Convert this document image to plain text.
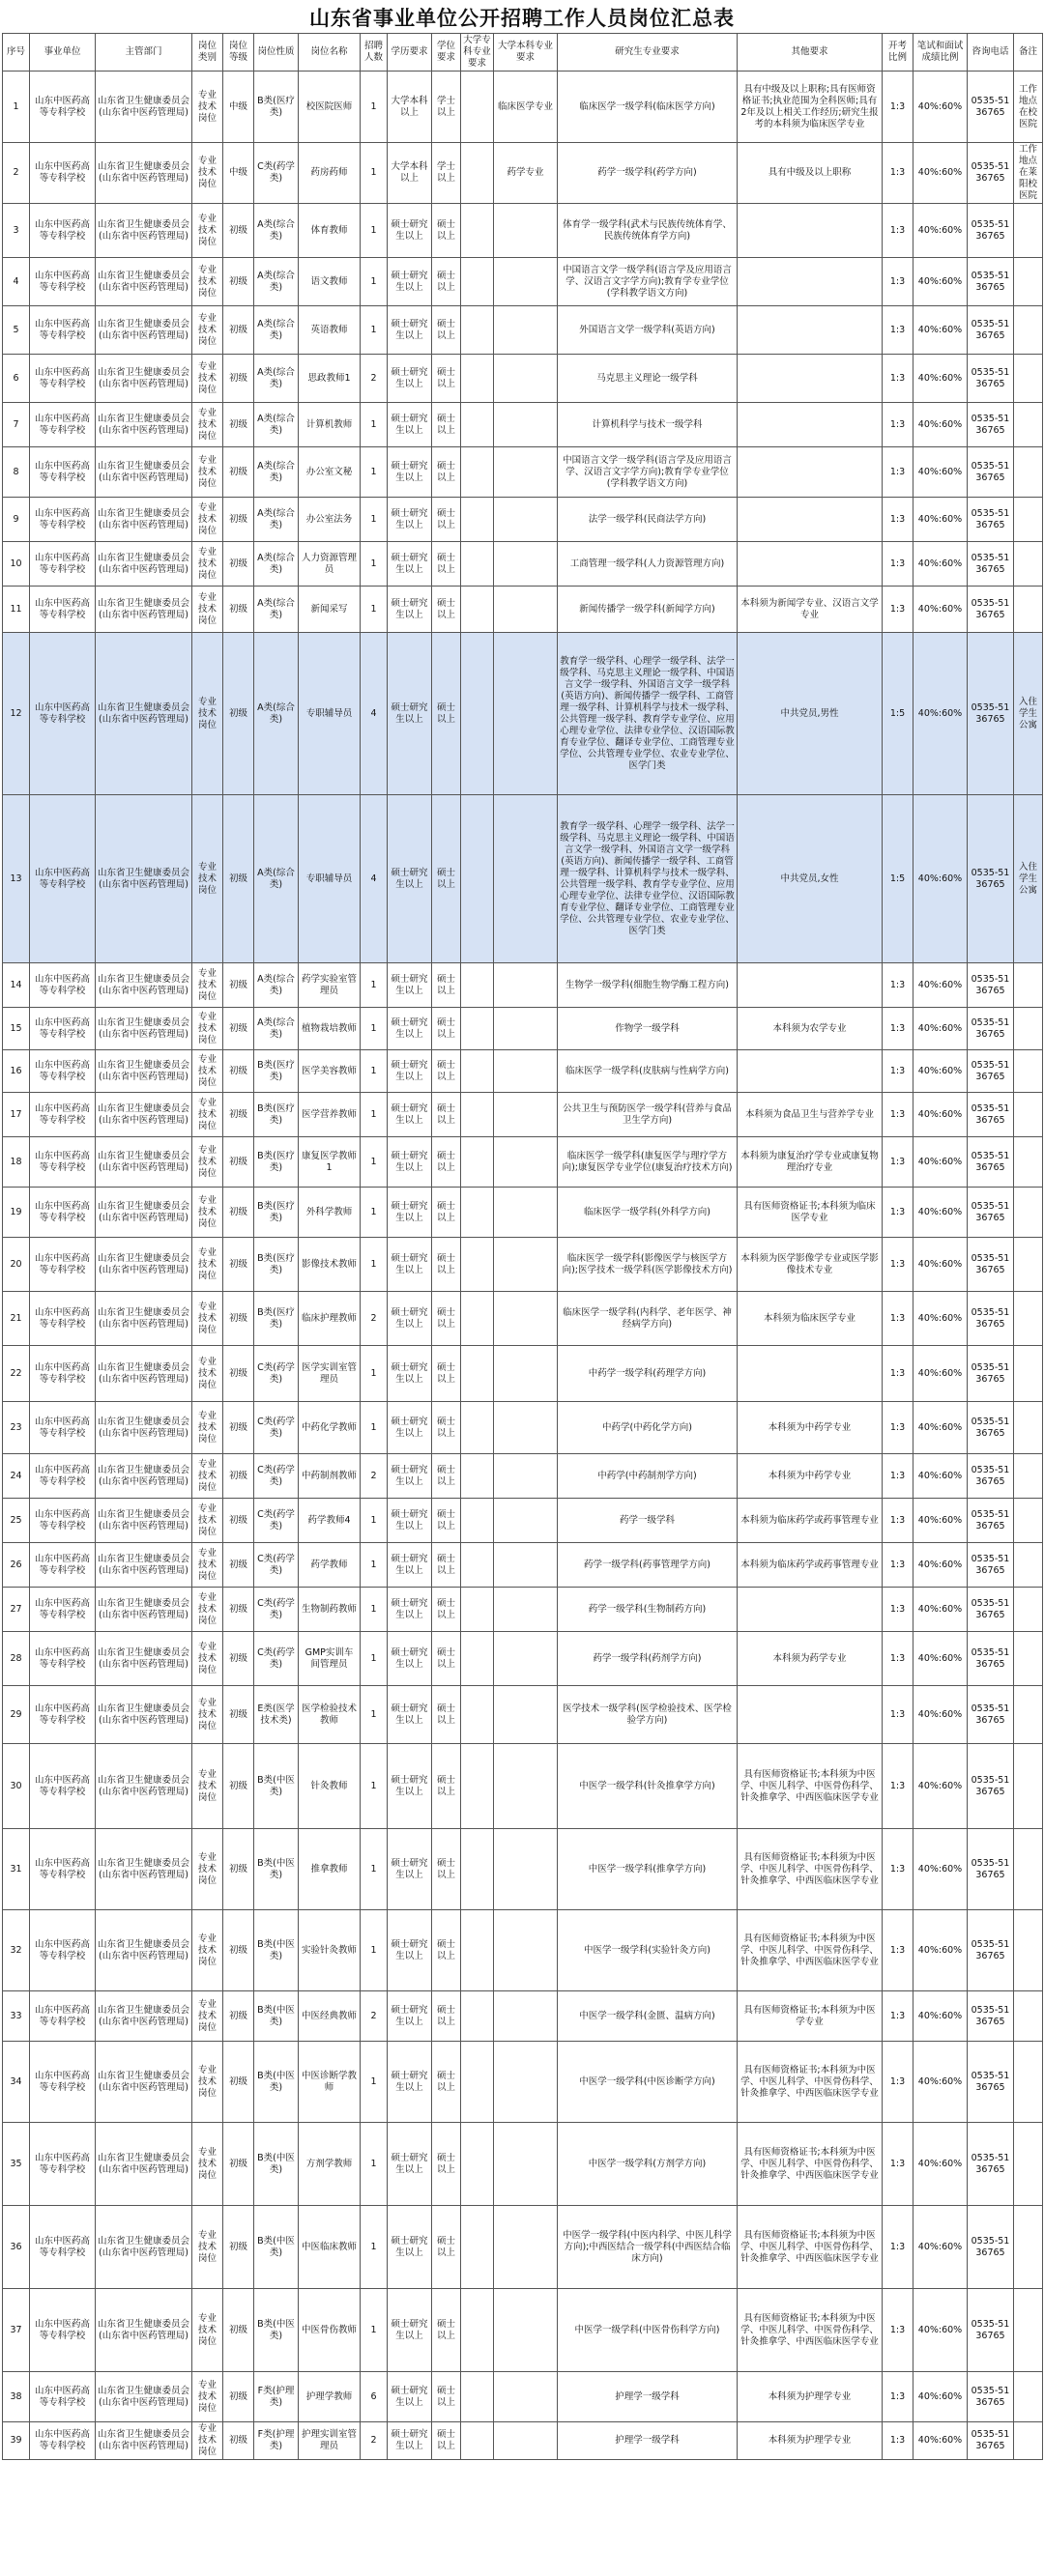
山东省事业单位公开招聘工作人员岗位汇总表
序号	事业单位	主管部门	岗位类别	岗位等级	岗位性质	岗位名称	招聘人数	学历要求	学位要求	大学专科专业要求	大学本科专业要求	研究生专业要求	其他要求	开考比例	笔试和面试成绩比例	咨询电话	备注
1	山东中医药高等专科学校	山东省卫生健康委员会(山东省中医药管理局)	专业技术岗位	中级	B类(医疗类)	校医院医师	1	大学本科以上	学士以上		临床医学专业	临床医学一级学科(临床医学方向)	具有中级及以上职称;具有医师资格证书;执业范围为全科医师;具有2年及以上相关工作经历;研究生报考的本科须为临床医学专业	1:3	40%:60%	0535-5136765	工作地点在校医院
2	山东中医药高等专科学校	山东省卫生健康委员会(山东省中医药管理局)	专业技术岗位	中级	C类(药学类)	药房药师	1	大学本科以上	学士以上		药学专业	药学一级学科(药学方向)	具有中级及以上职称	1:3	40%:60%	0535-5136765	工作地点在莱阳校医院
3	山东中医药高等专科学校	山东省卫生健康委员会(山东省中医药管理局)	专业技术岗位	初级	A类(综合类)	体育教师	1	硕士研究生以上	硕士以上			体育学一级学科(武术与民族传统体育学、民族传统体育学方向)		1:3	40%:60%	0535-5136765	
4	山东中医药高等专科学校	山东省卫生健康委员会(山东省中医药管理局)	专业技术岗位	初级	A类(综合类)	语文教师	1	硕士研究生以上	硕士以上			中国语言文学一级学科(语言学及应用语言学、汉语言文字学方向);教育学专业学位(学科教学语文方向)		1:3	40%:60%	0535-5136765	
5	山东中医药高等专科学校	山东省卫生健康委员会(山东省中医药管理局)	专业技术岗位	初级	A类(综合类)	英语教师	1	硕士研究生以上	硕士以上			外国语言文学一级学科(英语方向)		1:3	40%:60%	0535-5136765	
6	山东中医药高等专科学校	山东省卫生健康委员会(山东省中医药管理局)	专业技术岗位	初级	A类(综合类)	思政教师1	2	硕士研究生以上	硕士以上			马克思主义理论一级学科		1:3	40%:60%	0535-5136765	
7	山东中医药高等专科学校	山东省卫生健康委员会(山东省中医药管理局)	专业技术岗位	初级	A类(综合类)	计算机教师	1	硕士研究生以上	硕士以上			计算机科学与技术一级学科		1:3	40%:60%	0535-5136765	
8	山东中医药高等专科学校	山东省卫生健康委员会(山东省中医药管理局)	专业技术岗位	初级	A类(综合类)	办公室文秘	1	硕士研究生以上	硕士以上			中国语言文学一级学科(语言学及应用语言学、汉语言文字学方向);教育学专业学位(学科教学语文方向)		1:3	40%:60%	0535-5136765	
9	山东中医药高等专科学校	山东省卫生健康委员会(山东省中医药管理局)	专业技术岗位	初级	A类(综合类)	办公室法务	1	硕士研究生以上	硕士以上			法学一级学科(民商法学方向)		1:3	40%:60%	0535-5136765	
10	山东中医药高等专科学校	山东省卫生健康委员会(山东省中医药管理局)	专业技术岗位	初级	A类(综合类)	人力资源管理员	1	硕士研究生以上	硕士以上			工商管理一级学科(人力资源管理方向)		1:3	40%:60%	0535-5136765	
11	山东中医药高等专科学校	山东省卫生健康委员会(山东省中医药管理局)	专业技术岗位	初级	A类(综合类)	新闻采写	1	硕士研究生以上	硕士以上			新闻传播学一级学科(新闻学方向)	本科须为新闻学专业、汉语言文学专业	1:3	40%:60%	0535-5136765	
12	山东中医药高等专科学校	山东省卫生健康委员会(山东省中医药管理局)	专业技术岗位	初级	A类(综合类)	专职辅导员	4	硕士研究生以上	硕士以上			教育学一级学科、心理学一级学科、法学一级学科、马克思主义理论一级学科、中国语言文学一级学科、外国语言文学一级学科(英语方向)、新闻传播学一级学科、工商管理一级学科、计算机科学与技术一级学科、公共管理一级学科、教育学专业学位、应用心理专业学位、法律专业学位、汉语国际教育专业学位、翻译专业学位、工商管理专业学位、公共管理专业学位、农业专业学位、医学门类	中共党员,男性	1:5	40%:60%	0535-5136765	入住学生公寓
13	山东中医药高等专科学校	山东省卫生健康委员会(山东省中医药管理局)	专业技术岗位	初级	A类(综合类)	专职辅导员	4	硕士研究生以上	硕士以上			教育学一级学科、心理学一级学科、法学一级学科、马克思主义理论一级学科、中国语言文学一级学科、外国语言文学一级学科(英语方向)、新闻传播学一级学科、工商管理一级学科、计算机科学与技术一级学科、公共管理一级学科、教育学专业学位、应用心理专业学位、法律专业学位、汉语国际教育专业学位、翻译专业学位、工商管理专业学位、公共管理专业学位、农业专业学位、医学门类	中共党员,女性	1:5	40%:60%	0535-5136765	入住学生公寓
14	山东中医药高等专科学校	山东省卫生健康委员会(山东省中医药管理局)	专业技术岗位	初级	A类(综合类)	药学实验室管理员	1	硕士研究生以上	硕士以上			生物学一级学科(细胞生物学酶工程方向)		1:3	40%:60%	0535-5136765	
15	山东中医药高等专科学校	山东省卫生健康委员会(山东省中医药管理局)	专业技术岗位	初级	A类(综合类)	植物栽培教师	1	硕士研究生以上	硕士以上			作物学一级学科	本科须为农学专业	1:3	40%:60%	0535-5136765	
16	山东中医药高等专科学校	山东省卫生健康委员会(山东省中医药管理局)	专业技术岗位	初级	B类(医疗类)	医学美容教师	1	硕士研究生以上	硕士以上			临床医学一级学科(皮肤病与性病学方向)		1:3	40%:60%	0535-5136765	
17	山东中医药高等专科学校	山东省卫生健康委员会(山东省中医药管理局)	专业技术岗位	初级	B类(医疗类)	医学营养教师	1	硕士研究生以上	硕士以上			公共卫生与预防医学一级学科(营养与食品卫生学方向)	本科须为食品卫生与营养学专业	1:3	40%:60%	0535-5136765	
18	山东中医药高等专科学校	山东省卫生健康委员会(山东省中医药管理局)	专业技术岗位	初级	B类(医疗类)	康复医学教师1	1	硕士研究生以上	硕士以上			临床医学一级学科(康复医学与理疗学方向);康复医学专业学位(康复治疗技术方向)	本科须为康复治疗学专业或康复物理治疗专业	1:3	40%:60%	0535-5136765	
19	山东中医药高等专科学校	山东省卫生健康委员会(山东省中医药管理局)	专业技术岗位	初级	B类(医疗类)	外科学教师	1	硕士研究生以上	硕士以上			临床医学一级学科(外科学方向)	具有医师资格证书;本科须为临床医学专业	1:3	40%:60%	0535-5136765	
20	山东中医药高等专科学校	山东省卫生健康委员会(山东省中医药管理局)	专业技术岗位	初级	B类(医疗类)	影像技术教师	1	硕士研究生以上	硕士以上			临床医学一级学科(影像医学与核医学方向);医学技术一级学科(医学影像技术方向)	本科须为医学影像学专业或医学影像技术专业	1:3	40%:60%	0535-5136765	
21	山东中医药高等专科学校	山东省卫生健康委员会(山东省中医药管理局)	专业技术岗位	初级	B类(医疗类)	临床护理教师	2	硕士研究生以上	硕士以上			临床医学一级学科(内科学、老年医学、神经病学方向)	本科须为临床医学专业	1:3	40%:60%	0535-5136765	
22	山东中医药高等专科学校	山东省卫生健康委员会(山东省中医药管理局)	专业技术岗位	初级	C类(药学类)	医学实训室管理员	1	硕士研究生以上	硕士以上			中药学一级学科(药理学方向)		1:3	40%:60%	0535-5136765	
23	山东中医药高等专科学校	山东省卫生健康委员会(山东省中医药管理局)	专业技术岗位	初级	C类(药学类)	中药化学教师	1	硕士研究生以上	硕士以上			中药学(中药化学方向)	本科须为中药学专业	1:3	40%:60%	0535-5136765	
24	山东中医药高等专科学校	山东省卫生健康委员会(山东省中医药管理局)	专业技术岗位	初级	C类(药学类)	中药制剂教师	2	硕士研究生以上	硕士以上			中药学(中药制剂学方向)	本科须为中药学专业	1:3	40%:60%	0535-5136765	
25	山东中医药高等专科学校	山东省卫生健康委员会(山东省中医药管理局)	专业技术岗位	初级	C类(药学类)	药学教师4	1	硕士研究生以上	硕士以上			药学一级学科	本科须为临床药学或药事管理专业	1:3	40%:60%	0535-5136765	
26	山东中医药高等专科学校	山东省卫生健康委员会(山东省中医药管理局)	专业技术岗位	初级	C类(药学类)	药学教师	1	硕士研究生以上	硕士以上			药学一级学科(药事管理学方向)	本科须为临床药学或药事管理专业	1:3	40%:60%	0535-5136765	
27	山东中医药高等专科学校	山东省卫生健康委员会(山东省中医药管理局)	专业技术岗位	初级	C类(药学类)	生物制药教师	1	硕士研究生以上	硕士以上			药学一级学科(生物制药方向)		1:3	40%:60%	0535-5136765	
28	山东中医药高等专科学校	山东省卫生健康委员会(山东省中医药管理局)	专业技术岗位	初级	C类(药学类)	GMP实训车间管理员	1	硕士研究生以上	硕士以上			药学一级学科(药剂学方向)	本科须为药学专业	1:3	40%:60%	0535-5136765	
29	山东中医药高等专科学校	山东省卫生健康委员会(山东省中医药管理局)	专业技术岗位	初级	E类(医学技术类)	医学检验技术教师	1	硕士研究生以上	硕士以上			医学技术一级学科(医学检验技术、医学检验学方向)		1:3	40%:60%	0535-5136765	
30	山东中医药高等专科学校	山东省卫生健康委员会(山东省中医药管理局)	专业技术岗位	初级	B类(中医类)	针灸教师	1	硕士研究生以上	硕士以上			中医学一级学科(针灸推拿学方向)	具有医师资格证书;本科须为中医学、中医儿科学、中医骨伤科学、针灸推拿学、中西医临床医学专业	1:3	40%:60%	0535-5136765	
31	山东中医药高等专科学校	山东省卫生健康委员会(山东省中医药管理局)	专业技术岗位	初级	B类(中医类)	推拿教师	1	硕士研究生以上	硕士以上			中医学一级学科(推拿学方向)	具有医师资格证书;本科须为中医学、中医儿科学、中医骨伤科学、针灸推拿学、中西医临床医学专业	1:3	40%:60%	0535-5136765	
32	山东中医药高等专科学校	山东省卫生健康委员会(山东省中医药管理局)	专业技术岗位	初级	B类(中医类)	实验针灸教师	1	硕士研究生以上	硕士以上			中医学一级学科(实验针灸方向)	具有医师资格证书;本科须为中医学、中医儿科学、中医骨伤科学、针灸推拿学、中西医临床医学专业	1:3	40%:60%	0535-5136765	
33	山东中医药高等专科学校	山东省卫生健康委员会(山东省中医药管理局)	专业技术岗位	初级	B类(中医类)	中医经典教师	2	硕士研究生以上	硕士以上			中医学一级学科(金匮、温病方向)	具有医师资格证书;本科须为中医学专业	1:3	40%:60%	0535-5136765	
34	山东中医药高等专科学校	山东省卫生健康委员会(山东省中医药管理局)	专业技术岗位	初级	B类(中医类)	中医诊断学教师	1	硕士研究生以上	硕士以上			中医学一级学科(中医诊断学方向)	具有医师资格证书;本科须为中医学、中医儿科学、中医骨伤科学、针灸推拿学、中西医临床医学专业	1:3	40%:60%	0535-5136765	
35	山东中医药高等专科学校	山东省卫生健康委员会(山东省中医药管理局)	专业技术岗位	初级	B类(中医类)	方剂学教师	1	硕士研究生以上	硕士以上			中医学一级学科(方剂学方向)	具有医师资格证书;本科须为中医学、中医儿科学、中医骨伤科学、针灸推拿学、中西医临床医学专业	1:3	40%:60%	0535-5136765	
36	山东中医药高等专科学校	山东省卫生健康委员会(山东省中医药管理局)	专业技术岗位	初级	B类(中医类)	中医临床教师	1	硕士研究生以上	硕士以上			中医学一级学科(中医内科学、中医儿科学方向);中西医结合一级学科(中西医结合临床方向)	具有医师资格证书;本科须为中医学、中医儿科学、中医骨伤科学、针灸推拿学、中西医临床医学专业	1:3	40%:60%	0535-5136765	
37	山东中医药高等专科学校	山东省卫生健康委员会(山东省中医药管理局)	专业技术岗位	初级	B类(中医类)	中医骨伤教师	1	硕士研究生以上	硕士以上			中医学一级学科(中医骨伤科学方向)	具有医师资格证书;本科须为中医学、中医儿科学、中医骨伤科学、针灸推拿学、中西医临床医学专业	1:3	40%:60%	0535-5136765	
38	山东中医药高等专科学校	山东省卫生健康委员会(山东省中医药管理局)	专业技术岗位	初级	F类(护理类)	护理学教师	6	硕士研究生以上	硕士以上			护理学一级学科	本科须为护理学专业	1:3	40%:60%	0535-5136765	
39	山东中医药高等专科学校	山东省卫生健康委员会(山东省中医药管理局)	专业技术岗位	初级	F类(护理类)	护理实训室管理员	2	硕士研究生以上	硕士以上			护理学一级学科	本科须为护理学专业	1:3	40%:60%	0535-5136765	
